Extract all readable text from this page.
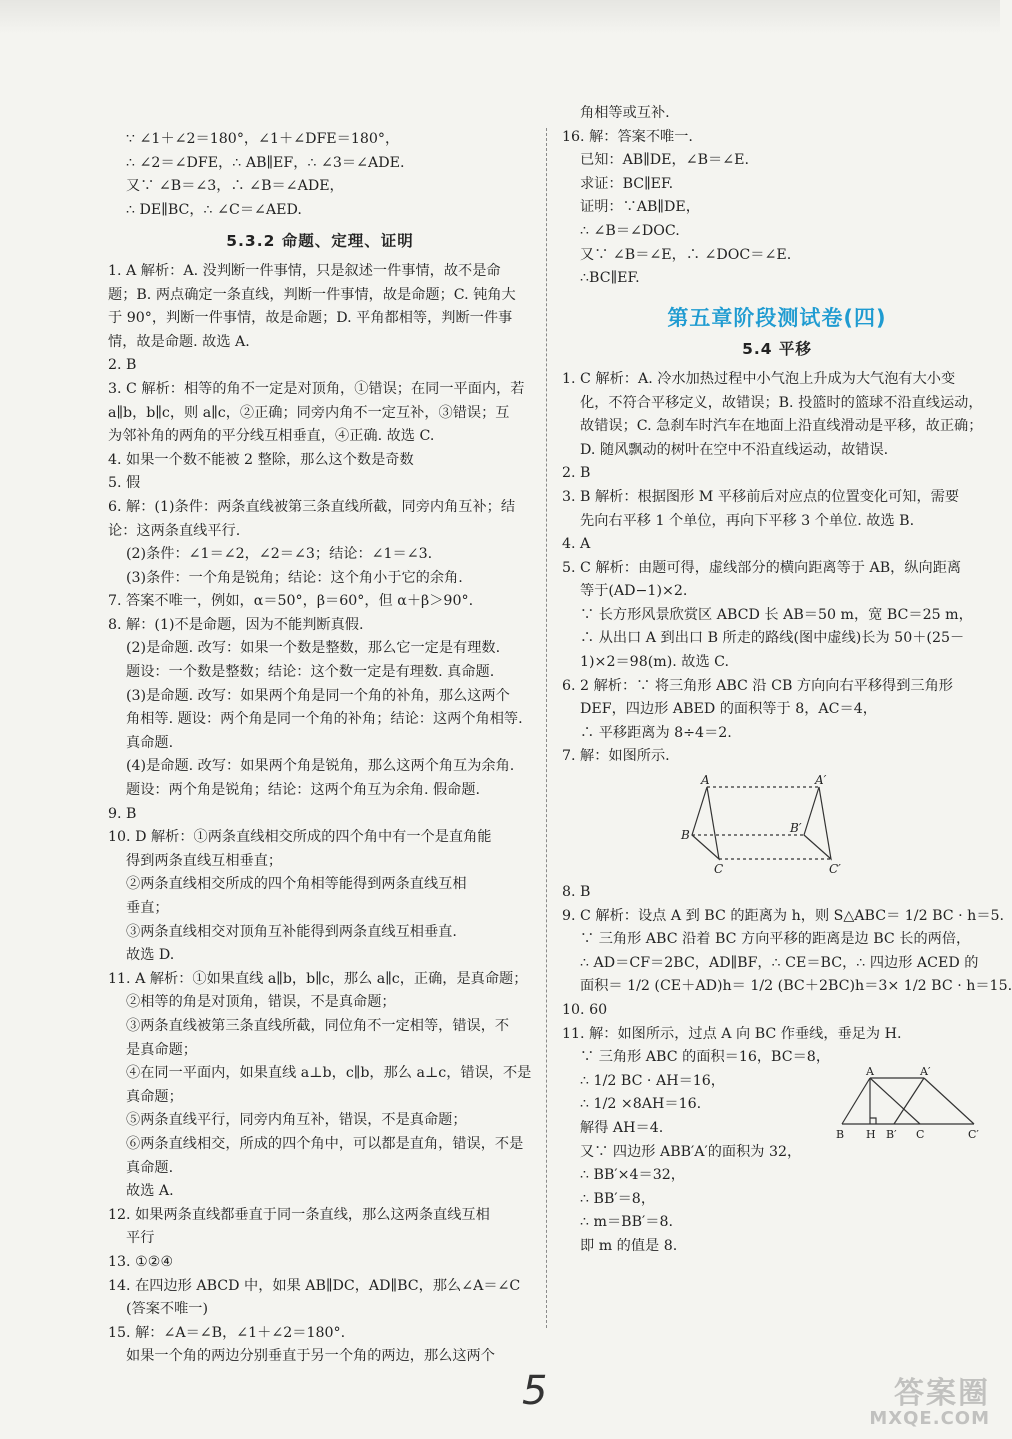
∵ ∠1＋∠2＝180°，∠1＋∠DFE＝180°，
∴ ∠2＝∠DFE，∴ AB∥EF，∴ ∠3＝∠ADE.
又∵ ∠B＝∠3，∴ ∠B＝∠ADE，
∴ DE∥BC，∴ ∠C＝∠AED.
5.3.2 命题、定理、证明
1. A 解析：A. 没判断一件事情，只是叙述一件事情，故不是命
题；B. 两点确定一条直线，判断一件事情，故是命题；C. 钝角大
于 90°，判断一件事情，故是命题；D. 平角都相等，判断一件事
情，故是命题. 故选 A.
2. B
3. C 解析：相等的角不一定是对顶角，①错误；在同一平面内，若
a∥b，b∥c，则 a∥c，②正确；同旁内角不一定互补，③错误；互
为邻补角的两角的平分线互相垂直，④正确. 故选 C.
4. 如果一个数不能被 2 整除，那么这个数是奇数
5. 假
6. 解：(1)条件：两条直线被第三条直线所截，同旁内角互补；结
论：这两条直线平行.
(2)条件：∠1＝∠2，∠2＝∠3；结论：∠1＝∠3.
(3)条件：一个角是锐角；结论：这个角小于它的余角.
7. 答案不唯一，例如，α＝50°，β＝60°，但 α＋β＞90°.
8. 解：(1)不是命题，因为不能判断真假.
(2)是命题. 改写：如果一个数是整数，那么它一定是有理数.
题设：一个数是整数；结论：这个数一定是有理数. 真命题.
(3)是命题. 改写：如果两个角是同一个角的补角，那么这两个
角相等. 题设：两个角是同一个角的补角；结论：这两个角相等.
真命题.
(4)是命题. 改写：如果两个角是锐角，那么这两个角互为余角.
题设：两个角是锐角；结论：这两个角互为余角. 假命题.
9. B
10. D 解析：①两条直线相交所成的四个角中有一个是直角能
得到两条直线互相垂直；
②两条直线相交所成的四个角相等能得到两条直线互相
垂直；
③两条直线相交对顶角互补能得到两条直线互相垂直.
故选 D.
11. A 解析：①如果直线 a∥b，b∥c，那么 a∥c，正确，是真命题；
②相等的角是对顶角，错误，不是真命题；
③两条直线被第三条直线所截，同位角不一定相等，错误，不
是真命题；
④在同一平面内，如果直线 a⊥b，c∥b，那么 a⊥c，错误，不是
真命题；
⑤两条直线平行，同旁内角互补，错误，不是真命题；
⑥两条直线相交，所成的四个角中，可以都是直角，错误，不是
真命题.
故选 A.
12. 如果两条直线都垂直于同一条直线，那么这两条直线互相
平行
13. ①②④
14. 在四边形 ABCD 中，如果 AB∥DC，AD∥BC，那么∠A＝∠C
(答案不唯一)
15. 解：∠A＝∠B，∠1＋∠2＝180°.
如果一个角的两边分别垂直于另一个角的两边，那么这两个
角相等或互补.
16. 解：答案不唯一.
已知：AB∥DE，∠B＝∠E.
求证：BC∥EF.
证明：∵AB∥DE，
∴ ∠B＝∠DOC.
又∵ ∠B＝∠E，∴ ∠DOC＝∠E.
∴BC∥EF.
第五章阶段测试卷(四)
5.4 平移
1. C 解析：A. 冷水加热过程中小气泡上升成为大气泡有大小变
化，不符合平移定义，故错误；B. 投篮时的篮球不沿直线运动，
故错误；C. 急刹车时汽车在地面上沿直线滑动是平移，故正确；
D. 随风飘动的树叶在空中不沿直线运动，故错误.
2. B
3. B 解析：根据图形 M 平移前后对应点的位置变化可知，需要
先向右平移 1 个单位，再向下平移 3 个单位. 故选 B.
4. A
5. C 解析：由题可得，虚线部分的横向距离等于 AB，纵向距离
等于(AD−1)×2.
∵ 长方形风景欣赏区 ABCD 长 AB＝50 m，宽 BC＝25 m，
∴ 从出口 A 到出口 B 所走的路线(图中虚线)长为 50＋(25－
1)×2＝98(m). 故选 C.
6. 2 解析：∵ 将三角形 ABC 沿 CB 方向向右平移得到三角形
DEF，四边形 ABED 的面积等于 8，AC＝4，
∴ 平移距离为 8÷4＝2.
7. 解：如图所示.
A	A′
B	B′
C	C′
8. B
9. C 解析：设点 A 到 BC 的距离为 h，则 S△ABC＝ 1/2 BC · h＝5.
∵ 三角形 ABC 沿着 BC 方向平移的距离是边 BC 长的两倍，
∴ AD＝CF＝2BC，AD∥BF，∴ CE＝BC，∴ 四边形 ACED 的
面积＝ 1/2 (CE＋AD)h＝ 1/2 (BC＋2BC)h＝3× 1/2 BC · h＝15.
10. 60
11. 解：如图所示，过点 A 向 BC 作垂线，垂足为 H.
∵ 三角形 ABC 的面积＝16，BC＝8，
∴ 1/2 BC · AH＝16，
∴ 1/2 ×8AH＝16.
解得 AH＝4.
又∵ 四边形 ABB′A′的面积为 32，
∴ BB′×4＝32，
∴ BB′＝8，
∴ m＝BB′＝8.
即 m 的值是 8.
A	A′
B H B′ C	C′
5	答案圈
MXQE.COM
